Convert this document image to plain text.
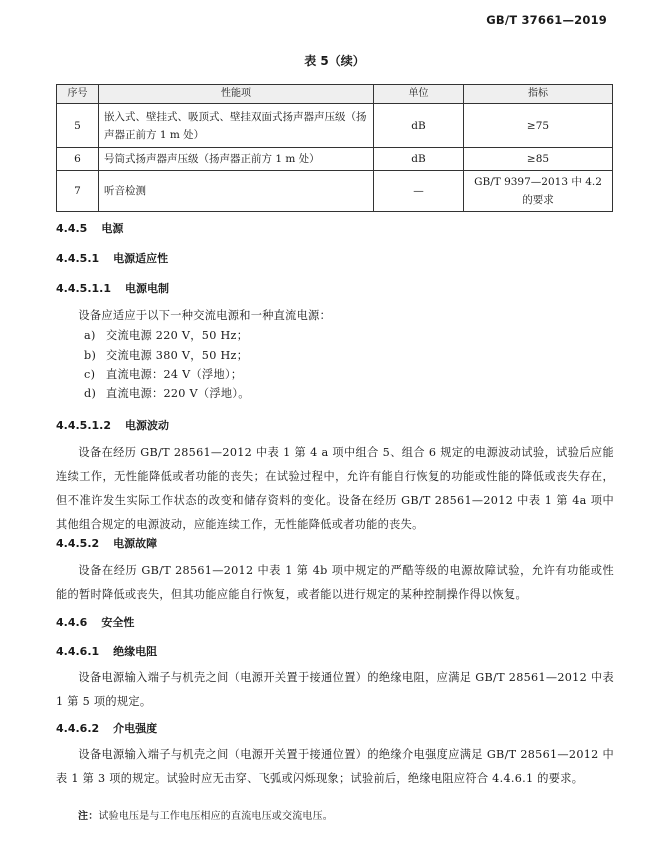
GB/T 37661—2019
表 5（续）
序号	性能项	单位	指标
5	嵌入式、壁挂式、吸顶式、壁挂双面式扬声器声压级（扬声器正前方 1 m 处）	dB	≥75
6	号筒式扬声器声压级（扬声器正前方 1 m 处）	dB	≥85
7	听音检测	—	GB/T 9397—2013 中 4.2 的要求
4.4.5 电源
4.4.5.1 电源适应性
4.4.5.1.1 电源电制
设备应适应于以下一种交流电源和一种直流电源：
a) 交流电源 220 V，50 Hz；
b) 交流电源 380 V，50 Hz；
c) 直流电源：24 V（浮地）；
d) 直流电源：220 V（浮地）。
4.4.5.1.2 电源波动
设备在经历 GB/T 28561—2012 中表 1 第 4 a 项中组合 5、组合 6 规定的电源波动试验，试验后应能连续工作，无性能降低或者功能的丧失；在试验过程中，允许有能自行恢复的功能或性能的降低或丧失存在，但不准许发生实际工作状态的改变和储存资料的变化。设备在经历 GB/T 28561—2012 中表 1 第 4a 项中其他组合规定的电源波动，应能连续工作，无性能降低或者功能的丧失。
4.4.5.2 电源故障
设备在经历 GB/T 28561—2012 中表 1 第 4b 项中规定的严酷等级的电源故障试验，允许有功能或性能的暂时降低或丧失，但其功能应能自行恢复，或者能以进行规定的某种控制操作得以恢复。
4.4.6 安全性
4.4.6.1 绝缘电阻
设备电源输入端子与机壳之间（电源开关置于接通位置）的绝缘电阻，应满足 GB/T 28561—2012 中表 1 第 5 项的规定。
4.4.6.2 介电强度
设备电源输入端子与机壳之间（电源开关置于接通位置）的绝缘介电强度应满足 GB/T 28561—2012 中表 1 第 3 项的规定。试验时应无击穿、飞弧或闪烁现象；试验前后，绝缘电阻应符合 4.4.6.1 的要求。
注：试验电压是与工作电压相应的直流电压或交流电压。
